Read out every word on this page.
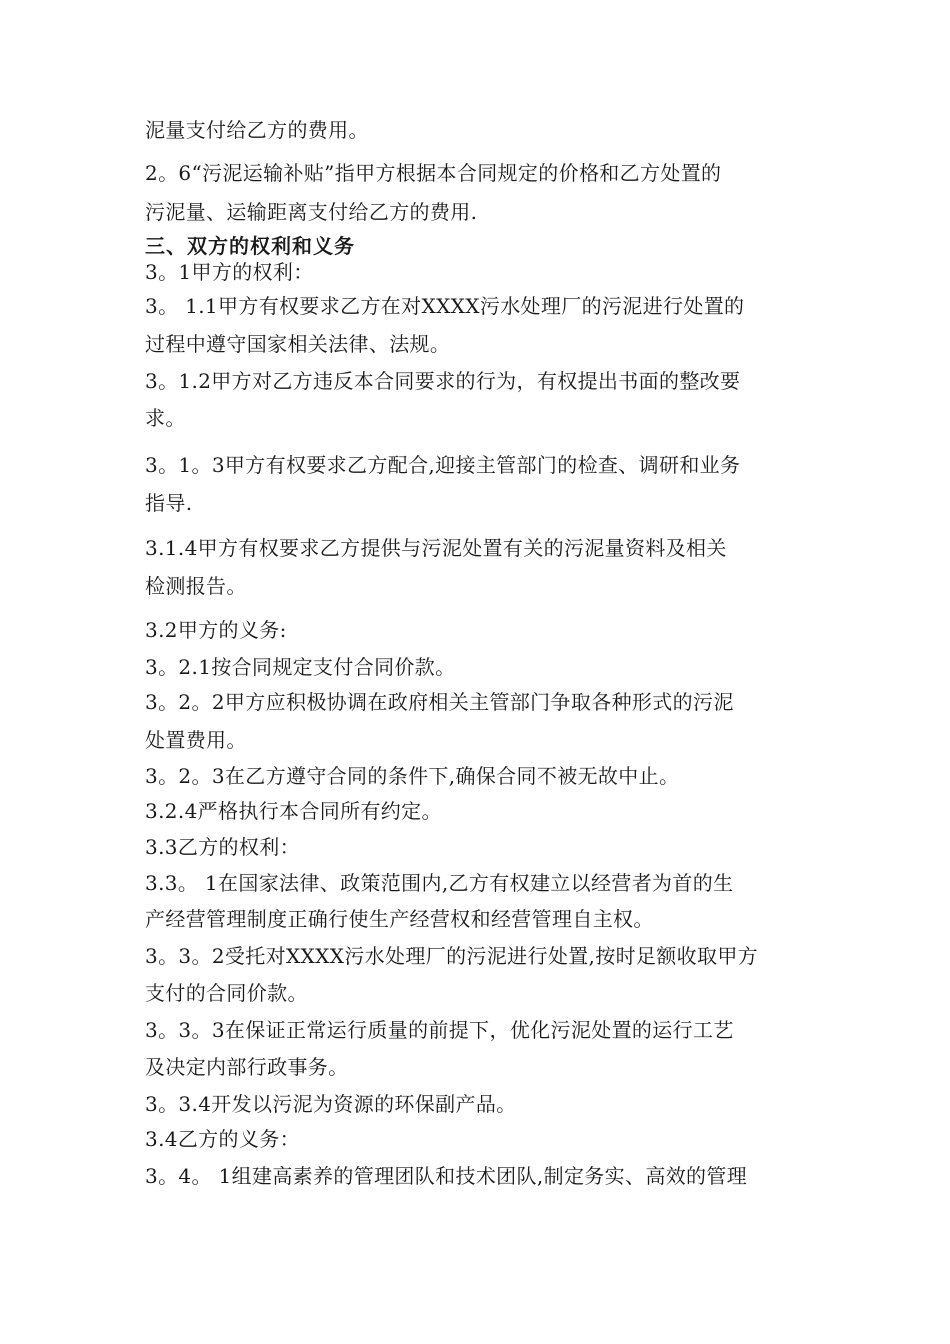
泥量支付给乙方的费用。
2。6“污泥运输补贴”指甲方根据本合同规定的价格和乙方处置的
污泥量、运输距离支付给乙方的费用.
三、双方的权利和义务
3。1甲方的权利：
3。 1.1甲方有权要求乙方在对XXXX污水处理厂的污泥进行处置的
过程中遵守国家相关法律、法规。
3。1.2甲方对乙方违反本合同要求的行为，有权提出书面的整改要
求。
3。1。3甲方有权要求乙方配合,迎接主管部门的检查、调研和业务
指导.
3.1.4甲方有权要求乙方提供与污泥处置有关的污泥量资料及相关
检测报告。
3.2甲方的义务:
3。2.1按合同规定支付合同价款。
3。2。2甲方应积极协调在政府相关主管部门争取各种形式的污泥
处置费用。
3。2。3在乙方遵守合同的条件下,确保合同不被无故中止。
3.2.4严格执行本合同所有约定。
3.3乙方的权利：
3.3。 1在国家法律、政策范围内,乙方有权建立以经营者为首的生
产经营管理制度正确行使生产经营权和经营管理自主权。
3。3。2受托对XXXX污水处理厂的污泥进行处置,按时足额收取甲方
支付的合同价款。
3。3。3在保证正常运行质量的前提下，优化污泥处置的运行工艺
及决定内部行政事务。
3。3.4开发以污泥为资源的环保副产品。
3.4乙方的义务：
3。4。 1组建高素养的管理团队和技术团队,制定务实、高效的管理
